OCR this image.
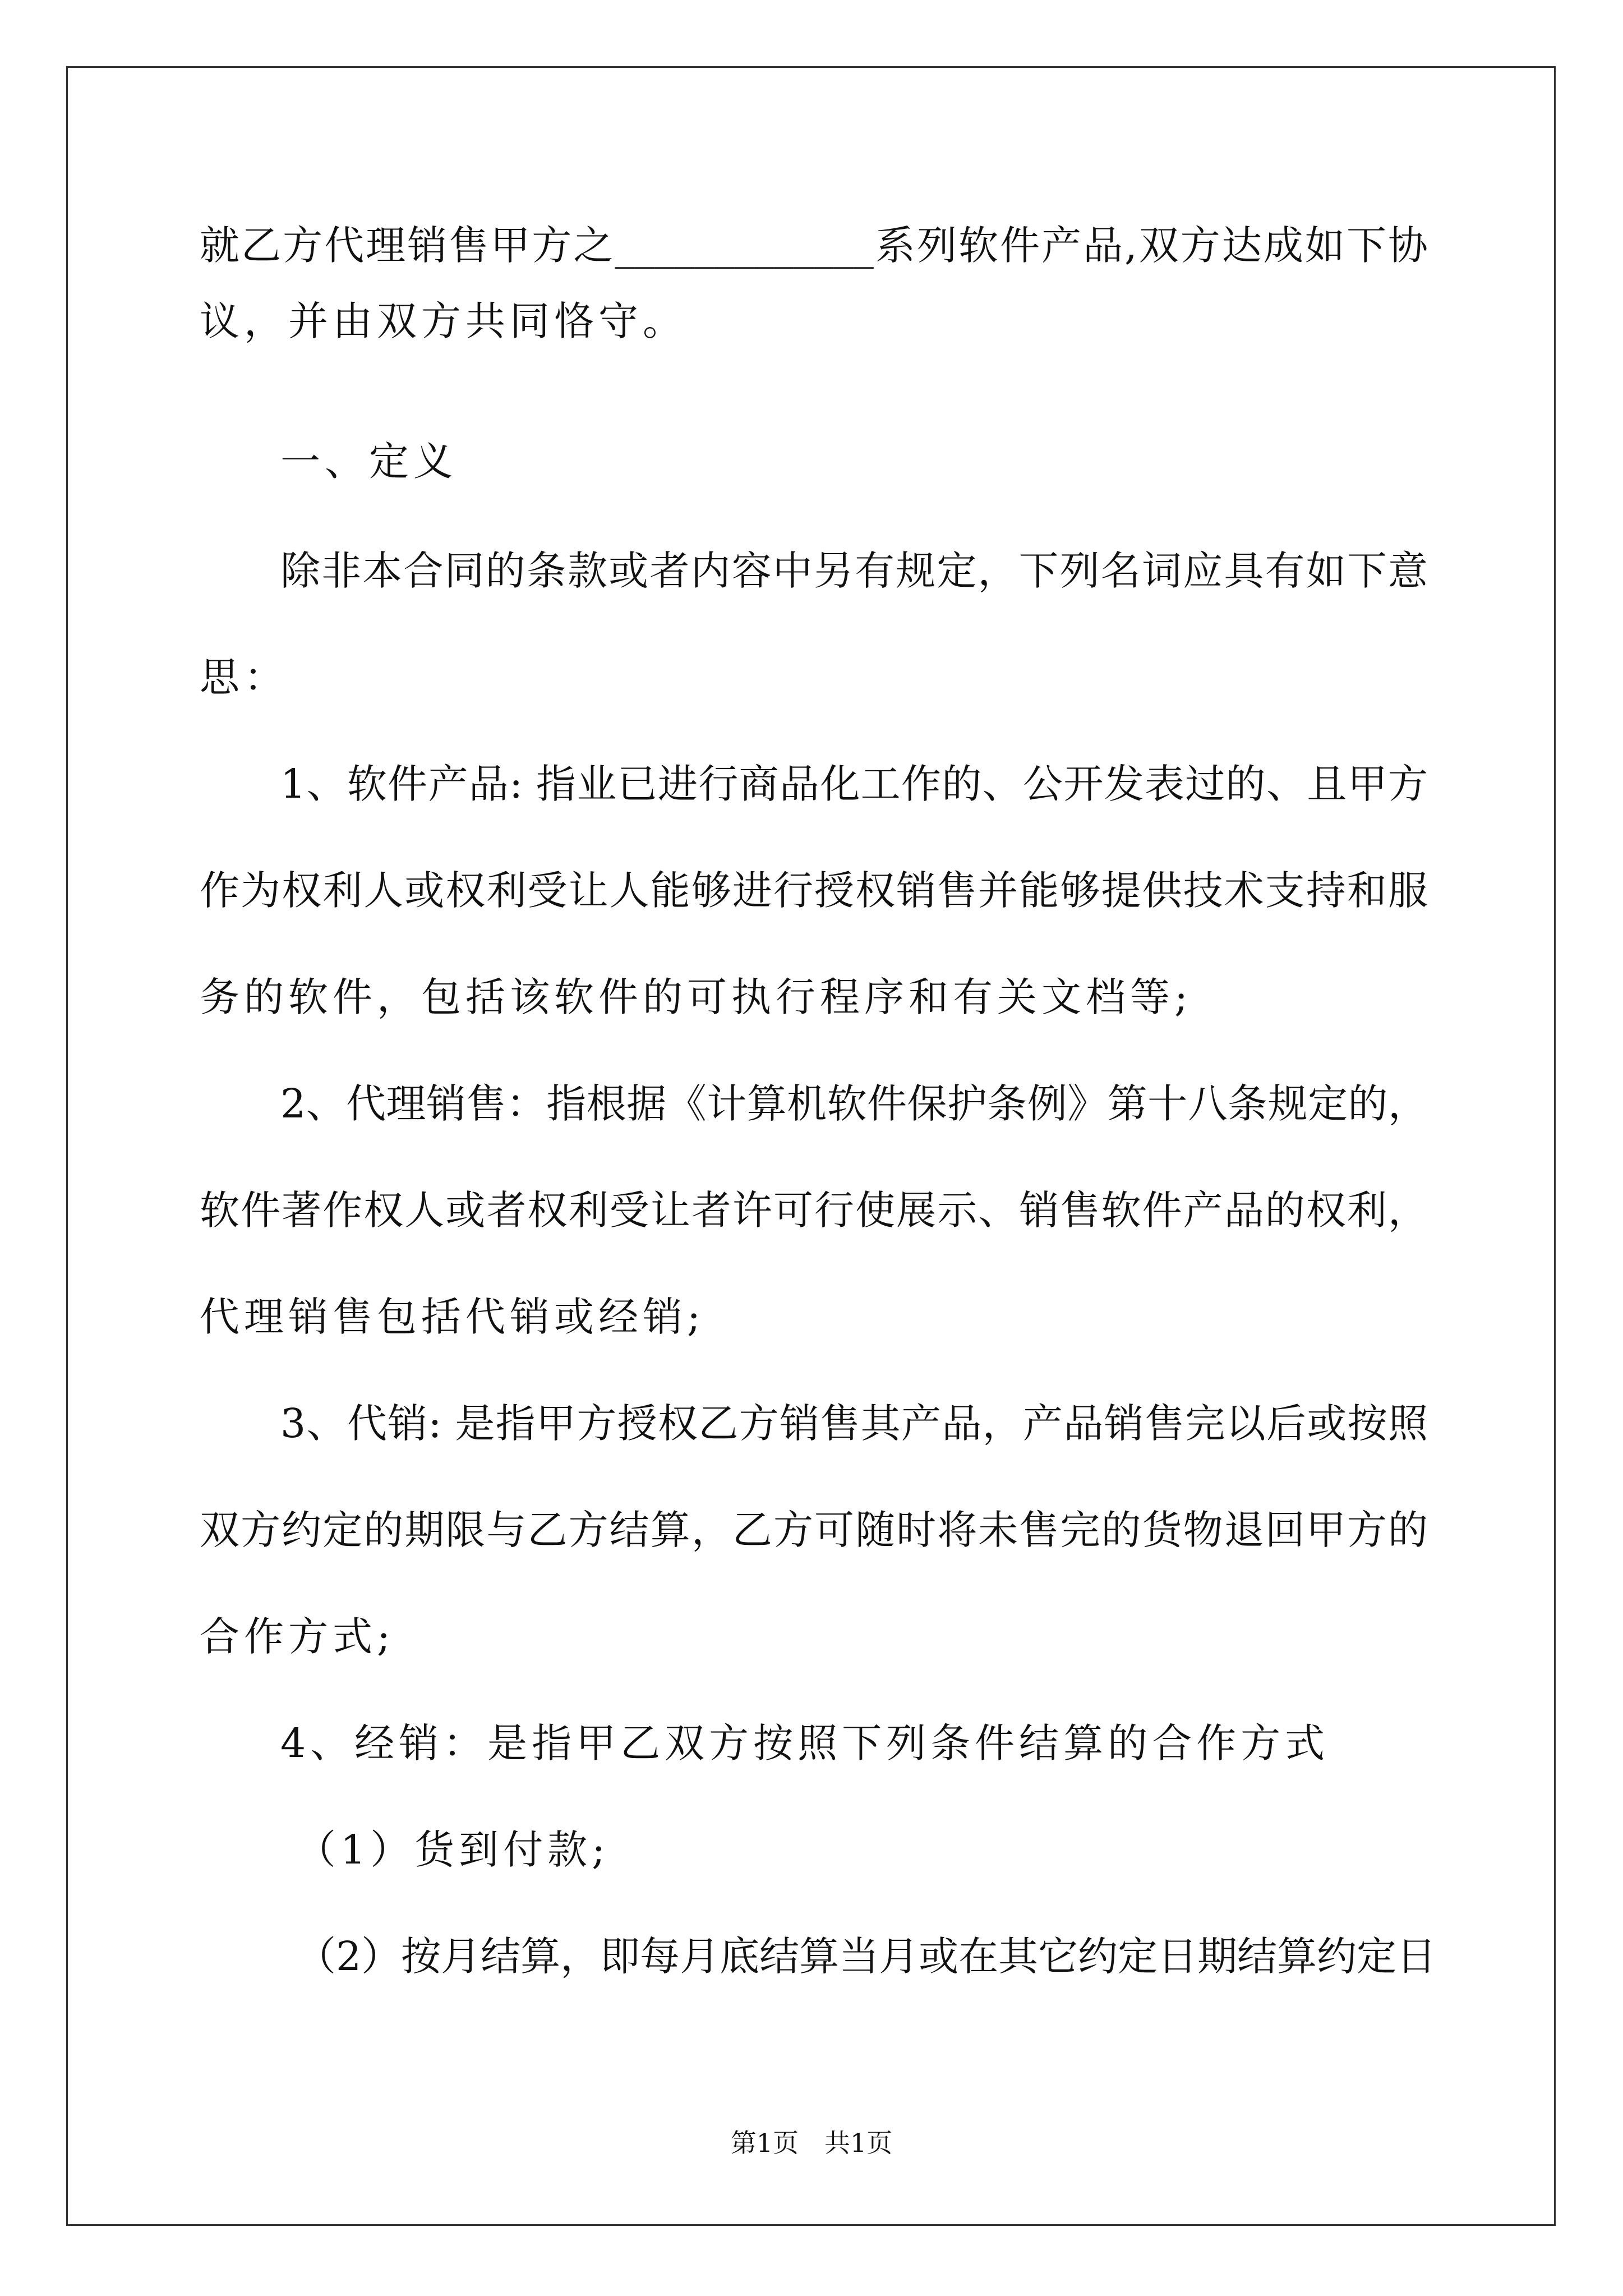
就乙方代理销售甲方之_____________系列软件产品,双方达成如下协
议，并由双方共同恪守。
一、定义
除非本合同的条款或者内容中另有规定，下列名词应具有如下意
思：
1、软件产品: 指业已进行商品化工作的、公开发表过的、且甲方
作为权利人或权利受让人能够进行授权销售并能够提供技术支持和服
务的软件，包括该软件的可执行程序和有关文档等;
2、代理销售：指根据《计算机软件保护条例》第十八条规定的，
软件著作权人或者权利受让者许可行使展示、销售软件产品的权利，
代理销售包括代销或经销;
3、代销: 是指甲方授权乙方销售其产品，产品销售完以后或按照
双方约定的期限与乙方结算，乙方可随时将未售完的货物退回甲方的
合作方式;
4、经销：是指甲乙双方按照下列条件结算的合作方式
（1）货到付款;
（2）按月结算，即每月底结算当月或在其它约定日期结算约定日
第1页　共1页
